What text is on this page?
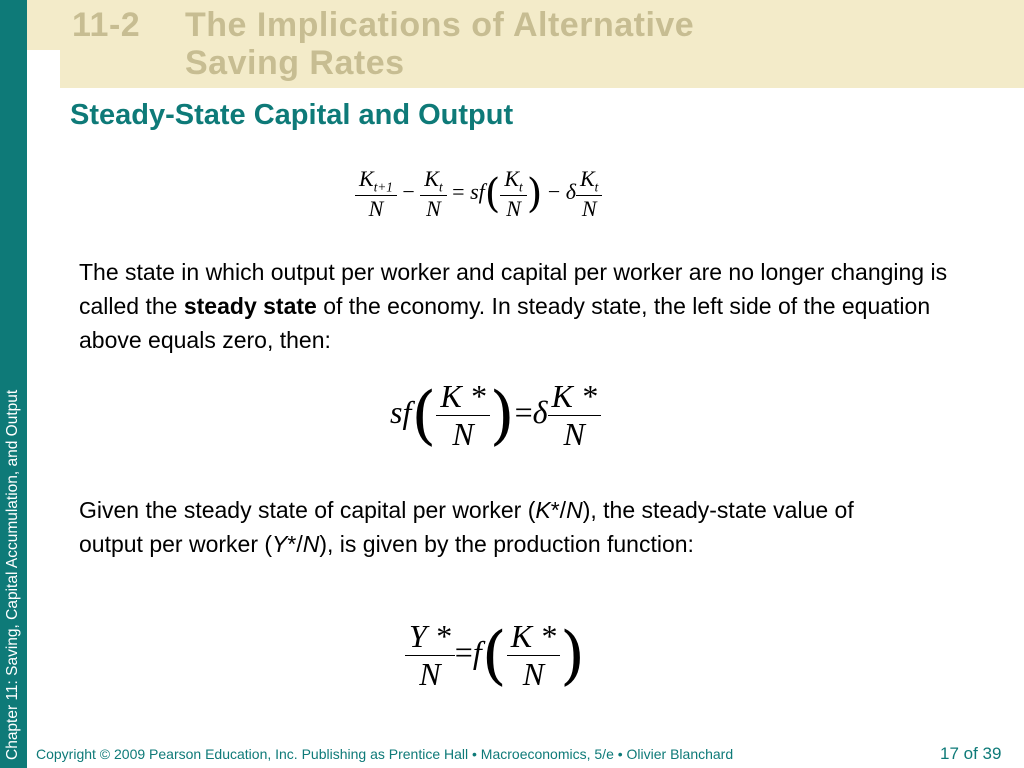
Chapter 11: Saving, Capital Accumulation, and Output
11-2 The Implications of Alternative
Saving Rates
Steady-State Capital and Output
$\frac{K_{t+1}}{N} - \frac{K_t}{N} = sf( \frac{K_t}{N}$ ) − δ $\frac{K_t}{N}$
The state in which output per worker and capital per worker are no longer changing is called the steady state of the economy. In steady state, the left side of the equation above equals zero, then:
$sf( \frac{K *}{N} )=\delta \frac{K *}{N}$
Given the steady state of capital per worker (K*/N), the steady-state value of output per worker (Y*/N), is given by the production function:
$\frac{Y *}{N} =f( \frac{K *}{N}$ )
Copyright © 2009 Pearson Education, Inc. Publishing as Prentice Hall • Macroeconomics, 5/e • Olivier Blanchard	17 of 39
